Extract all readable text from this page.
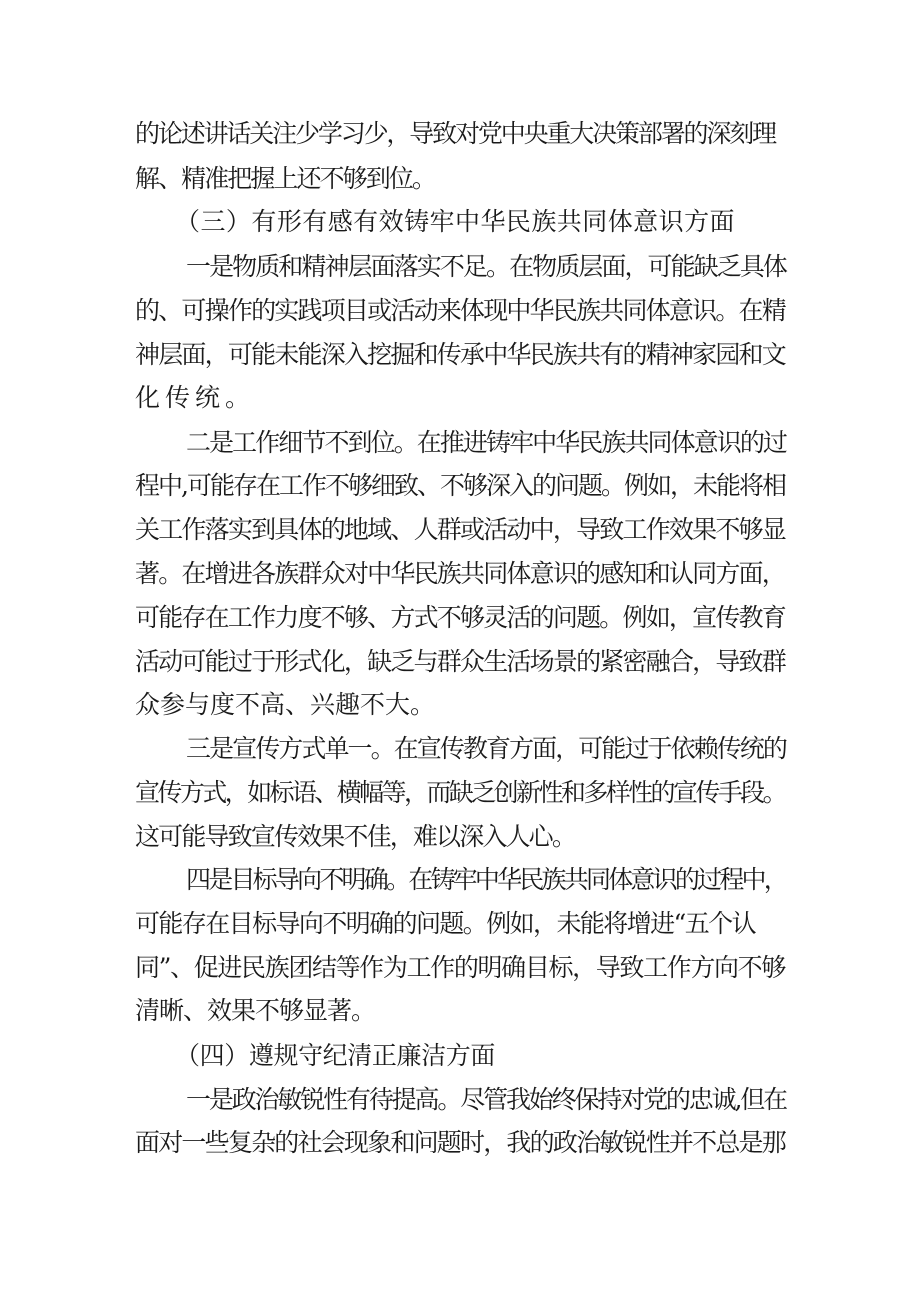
的论述讲话关注少学习少，导致对党中央重大决策部署的深刻理
解、精准把握上还不够到位。
（三）有形有感有效铸牢中华民族共同体意识方面
一是物质和精神层面落实不足。在物质层面，可能缺乏具体
的、可操作的实践项目或活动来体现中华民族共同体意识。在精
神层面，可能未能深入挖掘和传承中华民族共有的精神家园和文
化传统。
二是工作细节不到位。在推进铸牢中华民族共同体意识的过
程中,可能存在工作不够细致、不够深入的问题。例如，未能将相
关工作落实到具体的地域、人群或活动中，导致工作效果不够显
著。在增进各族群众对中华民族共同体意识的感知和认同方面，
可能存在工作力度不够、方式不够灵活的问题。例如，宣传教育
活动可能过于形式化，缺乏与群众生活场景的紧密融合，导致群
众参与度不高、兴趣不大。
三是宣传方式单一。在宣传教育方面，可能过于依赖传统的
宣传方式，如标语、横幅等，而缺乏创新性和多样性的宣传手段。
这可能导致宣传效果不佳，难以深入人心。
四是目标导向不明确。在铸牢中华民族共同体意识的过程中，
可能存在目标导向不明确的问题。例如，未能将增进“五个认
同”、促进民族团结等作为工作的明确目标，导致工作方向不够
清晰、效果不够显著。
（四）遵规守纪清正廉洁方面
一是政治敏锐性有待提高。尽管我始终保持对党的忠诚,但在
面对一些复杂的社会现象和问题时，我的政治敏锐性并不总是那
